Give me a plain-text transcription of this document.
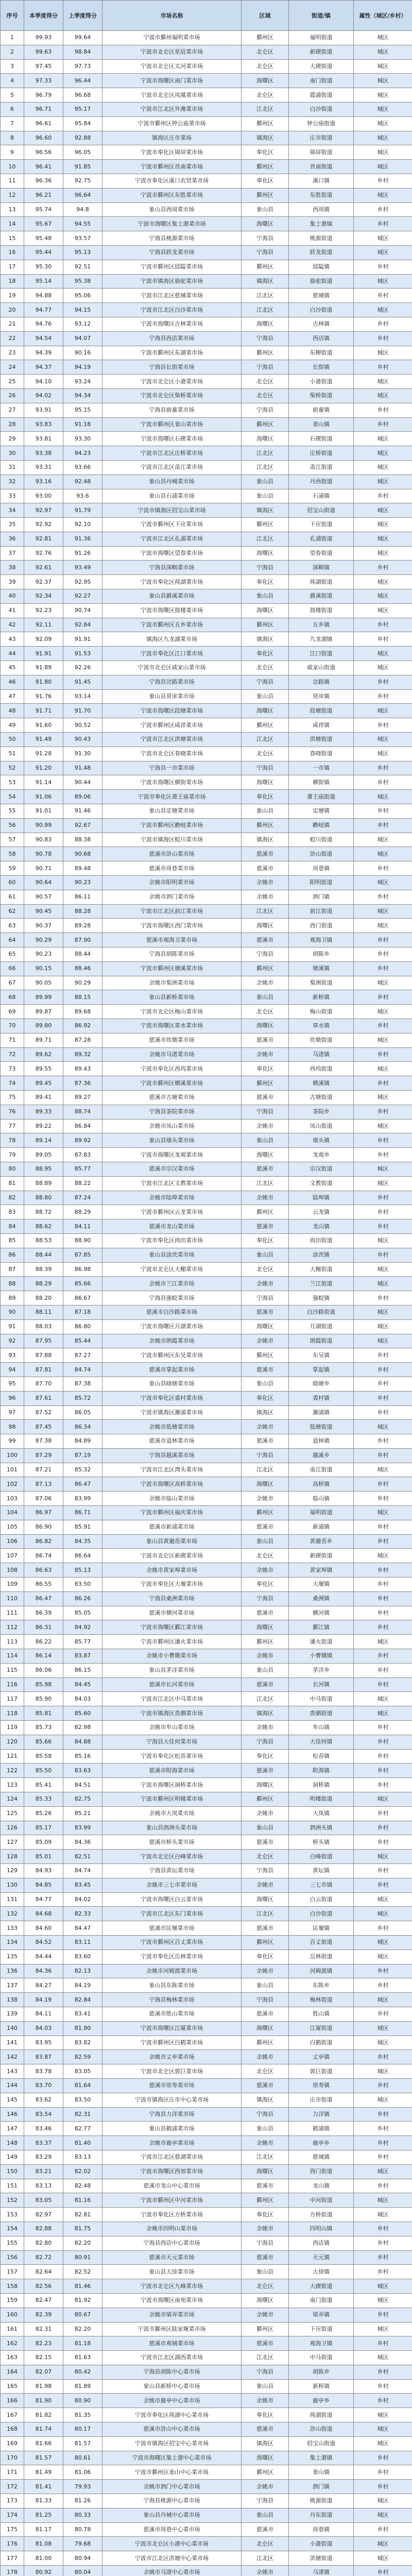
序号	本季度得分	上季度得分	市场名称	区域	街道/镇	属性（城区/乡村）
1	99.93	99.64	宁波市鄞州福明菜市场	鄞州区	福明街道	城区
2	99.63	98.84	宁波市北仑区星辰菜市场	北仑区	新碶街道	城区
3	97.45	97.73	宁波市北仑区太河菜市场	北仑区	大碶街道	城区
4	97.33	96.44	宁波市海曙区南门菜市场	海曙区	南门街道	城区
5	96.79	96.68	宁波市北仑区凤凰菜市场	北仑区	霞浦街道	城区
6	96.71	95.17	宁波市江北区外滩菜市场	江北区	白沙街道	城区
7	96.61	95.84	宁波市鄞州区钟公庙菜市场	鄞州区	钟公庙街道	城区
8	96.60	92.88	镇海区庄市菜场	镇海区	庄市街道	城区
9	96.56	96.05	宁波市奉化区锦屏菜市场	奉化区	锦屏街道	城区
10	96.41	91.85	宁波市鄞州区首南菜市场	鄞州区	首南街道	城区
11	96.36	92.75	宁波市奉化区溪口农贸菜市场	奉化区	溪口镇	乡村
12	96.21	96.64	宁波市鄞州区东胜菜市场	鄞州区	东胜街道	城区
13	95.74	94.8	象山县西周菜市场	象山县	西周镇	乡村
14	95.67	94.55	宁波市海曙区集士港菜市场	海曙区	集士港镇	乡村
15	95.48	93.57	宁海县桃源菜市场	宁海县	桃源街道	城区
16	95.44	95.13	宁海县跃龙菜市场	宁海县	跃龙街道	城区
17	95.30	92.51	宁波市鄞州区邱隘菜市场	鄞州区	邱隘镇	乡村
18	95.14	95.38	宁波市镇海区骆驼菜市场	镇海区	骆驼街道	城区
19	94.88	95.06	宁波市江北区慈城菜市场	江北区	慈城镇	乡村
20	94.77	94.15	宁波市江北区白沙菜市场	江北区	白沙街道	城区
21	94.76	93.12	宁波市海曙区古林菜市场	海曙区	古林镇	乡村
22	94.54	94.07	宁海县西店菜市场	宁海县	西店镇	乡村
23	94.39	90.16	宁波市鄞州区东湖菜市场	鄞州区	东柳街道	城区
24	94.37	94.19	宁海县长街菜市场	宁海县	长街镇	乡村
25	94.10	93.24	宁波市北仑区小港菜市场	北仑区	小港街道	城区
26	94.02	94.34	宁波市北仑区柴桥菜市场	北仑区	柴桥街道	城区
27	93.91	95.15	宁海县前童菜市场	宁海县	前童镇	乡村
28	93.83	91.18	宁波市鄞州区姜山菜市场	鄞州区	姜山镇	乡村
29	93.81	93.30	宁波市海曙区石碶菜市场	海曙区	石碶街道	城区
30	93.38	94.23	宁波市江北区庄桥菜市场	江北区	庄桥街道	城区
31	93.31	93.66	宁波市江北区甬江菜市场	江北区	甬江街道	城区
32	93.16	92.48	象山县丹城菜市场	象山县	丹西街道	城区
33	93.00	93.6	象山县石浦菜市场	象山县	石浦镇	乡村
34	92.97	91.79	宁波市镇海区招宝山菜市场	镇海区	招宝山街道	城区
35	92.92	92.10	宁波市鄞州区下应菜市场	鄞州区	下应街道	城区
36	92.81	91.36	宁波市江北区孔浦菜市场	江北区	孔浦街道	城区
37	92.76	91.26	宁波市海曙区望春菜市场	海曙区	望春街道	城区
38	92.61	93.49	宁海县深甽菜市场	宁海县	深甽镇	乡村
39	92.37	92.95	宁波市奉化区莼湖菜市场	奉化区	莼湖街道	城区
40	92.34	92.27	象山县爵溪菜市场	象山县	爵溪街道	城区
41	92.23	90.74	宁波市海曙区鼓楼菜市场	海曙区	鼓楼街道	城区
42	92.11	92.84	宁波市鄞州区五乡菜市场	鄞州区	五乡镇	乡村
43	92.09	91.91	镇海区九龙湖菜市场	镇海区	九龙湖镇	乡村
44	91.91	91.53	宁波市奉化区江口菜市场	奉化区	江口街道	城区
45	91.89	92.26	宁波市北仑区戚家山菜市场	北仑区	戚家山街道	城区
46	91.80	91.45	宁海县岔路菜市场	宁海县	岔路镇	乡村
47	91.76	93.14	象山县贤庠菜市场	象山县	贤庠镇	乡村
48	91.71	91.70	宁波市海曙区段塘菜市场	海曙区	段塘街道	城区
49	91.60	90.52	宁波市鄞州区咸祥菜市场	鄞州区	咸祥镇	乡村
50	91.49	90.43	宁波市江北区洪塘菜市场	江北区	洪塘街道	城区
51	91.28	91.30	宁波市北仑区春晓菜市场	北仑区	春晓街道	城区
52	91.20	91.48	宁海县一市菜市场	宁海县	一市镇	乡村
53	91.14	90.44	宁波市海曙区横街菜市场	海曙区	横街镇	乡村
54	91.06	89.06	宁波市奉化区萧王庙菜市场	奉化区	萧王庙街道	城区
55	91.01	91.46	象山县定塘菜市场	象山县	定塘镇	乡村
56	90.99	92.67	宁波市鄞州区瞻岐菜市场	鄞州区	瞻岐镇	乡村
57	90.83	88.38	宁波市镇海区蛟川菜市场	镇海区	蛟川街道	城区
58	90.78	90.68	慈溪市浒山菜市场	慈溪市	浒山街道	城区
59	90.71	89.48	慈溪市周巷菜市场	慈溪市	周巷镇	乡村
60	90.64	90.23	余姚市阳明菜市场	余姚市	阳明街道	城区
61	90.57	86.11	余姚市泗门菜市场	余姚市	泗门镇	乡村
62	90.45	88.28	宁波市江北区前江菜市场	江北区	前江街道	城区
63	90.37	89.28	宁波市海曙区西门菜市场	海曙区	西门街道	城区
64	90.29	87.90	慈溪市观海卫菜市场	慈溪市	观海卫镇	乡村
65	90.23	88.44	宁海县胡陈菜市场	宁海县	胡陈乡	乡村
66	90.15	88.46	宁波市鄞州区塘溪菜市场	鄞州区	塘溪镇	乡村
67	90.05	90.29	余姚市梨洲菜市场	余姚市	梨洲街道	城区
68	89.99	88.15	象山县新桥菜市场	象山县	新桥镇	乡村
69	89.87	89.68	宁波市北仑区梅山菜市场	北仑区	梅山街道	城区
70	89.80	86.92	宁波市海曙区章水菜市场	海曙区	章水镇	乡村
71	89.71	87.28	慈溪市坎墩菜市场	慈溪市	坎墩街道	城区
72	89.62	89.32	余姚市马渚菜市场	余姚市	马渚镇	乡村
73	89.55	89.43	宁波市奉化区西坞菜市场	奉化区	西坞街道	城区
74	89.45	87.36	宁波市鄞州区横溪菜市场	鄞州区	横溪镇	乡村
75	89.41	89.27	慈溪市古塘菜市场	慈溪市	古塘街道	城区
76	89.33	88.74	宁海县茶院菜市场	宁海县	茶院乡	乡村
77	89.22	86.84	余姚市凤山菜市场	余姚市	凤山街道	城区
78	89.14	89.92	象山县墙头菜市场	象山县	墙头镇	乡村
79	89.05	87.83	宁波市海曙区龙观菜市场	海曙区	龙观乡	乡村
80	88.95	85.77	慈溪市宗汉菜市场	慈溪市	宗汉街道	城区
81	88.89	88.22	宁波市江北区文教菜市场	江北区	文教街道	城区
82	88.80	87.24	余姚市陆埠菜市场	余姚市	陆埠镇	乡村
83	88.72	88.29	宁波市鄞州区云龙菜市场	鄞州区	云龙镇	乡村
84	88.62	84.11	慈溪市龙山菜市场	慈溪市	龙山镇	乡村
85	88.53	88.90	宁波市奉化区尚田菜市场	奉化区	尚田街道	城区
86	88.44	87.85	象山县涂茨菜市场	象山县	涂茨镇	乡村
87	88.39	86.98	宁波市北仑区大榭菜市场	北仑区	大榭街道	城区
88	88.29	85.66	余姚市兰江菜市场	余姚市	兰江街道	城区
89	88.20	86.67	宁海县强蛟菜市场	宁海县	强蛟镇	乡村
90	88.11	87.18	慈溪市白沙路菜市场	慈溪市	白沙路街道	城区
91	88.03	86.80	宁波市海曙区月湖菜市场	海曙区	月湖街道	城区
92	87.95	85.44	余姚市朗霞菜市场	余姚市	朗霞街道	城区
93	87.88	87.27	宁波市鄞州区东吴菜市场	鄞州区	东吴镇	乡村
94	87.81	84.74	慈溪市掌起菜市场	慈溪市	掌起镇	乡村
95	87.70	87.38	象山县晓塘菜市场	象山县	晓塘乡	乡村
96	87.61	85.72	宁波市奉化区裘村菜市场	奉化区	裘村镇	乡村
97	87.52	86.05	宁波市镇海区澥浦菜市场	镇海区	澥浦镇	乡村
98	87.45	86.34	余姚市低塘菜市场	余姚市	低塘街道	城区
99	87.38	84.89	慈溪市逍林菜市场	慈溪市	逍林镇	乡村
100	87.29	87.19	宁海县越溪菜市场	宁海县	越溪乡	乡村
101	87.21	85.32	宁波市江北区湾头菜市场	江北区	甬江街道	城区
102	87.13	86.47	宁波市海曙区高桥菜市场	海曙区	高桥镇	乡村
103	87.06	83.99	余姚市临山菜市场	余姚市	临山镇	乡村
104	86.97	86.71	宁波市鄞州区福庆菜市场	鄞州区	福明街道	城区
105	86.90	85.91	慈溪市新浦菜市场	慈溪市	新浦镇	乡村
106	86.82	84.35	象山县黄避岙菜市场	象山县	黄避岙乡	乡村
107	86.74	86.64	宁波市北仑区新碶菜市场	北仑区	新碶街道	城区
108	86.63	85.13	余姚市黄家埠菜市场	余姚市	黄家埠镇	乡村
109	86.55	83.50	宁波市奉化区大堰菜市场	奉化区	大堰镇	乡村
110	86.47	86.26	宁海县桑洲菜市场	宁海县	桑洲镇	乡村
111	86.39	85.05	慈溪市横河菜市场	慈溪市	横河镇	乡村
112	86.31	84.92	宁波市海曙区鄞江菜市场	海曙区	鄞江镇	乡村
113	86.22	85.77	宁波市鄞州区潘火菜市场	鄞州区	潘火街道	城区
114	86.14	83.87	余姚市小曹娥菜市场	余姚市	小曹娥镇	乡村
115	86.06	86.15	象山县茅洋菜市场	象山县	茅洋乡	乡村
116	85.98	84.45	慈溪市长河菜市场	慈溪市	长河镇	乡村
117	85.90	84.03	宁波市江北区中马菜市场	江北区	中马街道	城区
118	85.81	85.60	宁波市镇海区贵驷菜市场	镇海区	贵驷街道	城区
119	85.73	82.98	余姚市牟山菜市场	余姚市	牟山镇	乡村
120	85.66	84.88	宁海县大佳何菜市场	宁海县	大佳何镇	乡村
121	85.58	85.16	宁波市奉化区松岙菜市场	奉化区	松岙镇	乡村
122	85.50	83.63	慈溪市附海菜市场	慈溪市	附海镇	乡村
123	85.41	84.51	宁波市海曙区洞桥菜市场	海曙区	洞桥镇	乡村
124	85.33	82.75	宁波市鄞州区明楼菜市场	鄞州区	明楼街道	城区
125	85.26	85.21	余姚市大岚菜市场	余姚市	大岚镇	乡村
126	85.17	83.99	象山县泗洲头菜市场	象山县	泗洲头镇	乡村
127	85.09	84.36	慈溪市桥头菜市场	慈溪市	桥头镇	乡村
128	85.01	82.51	宁波市北仑区白峰菜市场	北仑区	白峰街道	城区
129	84.93	84.74	宁海县黄坛菜市场	宁海县	黄坛镇	乡村
130	84.85	83.45	余姚市三七市菜市场	余姚市	三七市镇	乡村
131	84.77	84.02	宁波市海曙区白云菜市场	海曙区	白云街道	城区
132	84.68	82.33	宁波市江北区东门菜市场	江北区	白沙街道	城区
133	84.60	84.47	慈溪市匡堰菜市场	慈溪市	匡堰镇	乡村
134	84.52	83.11	宁波市鄞州区百丈菜市场	鄞州区	百丈街道	城区
135	84.44	83.60	宁波市奉化区岳林菜市场	奉化区	岳林街道	城区
136	84.36	82.13	余姚市河姆渡菜市场	余姚市	河姆渡镇	乡村
137	84.27	84.19	象山县东陈菜市场	象山县	东陈乡	乡村
138	84.19	82.84	宁海县梅林菜市场	宁海县	梅林街道	城区
139	84.11	83.41	慈溪市胜山菜市场	慈溪市	胜山镇	乡村
140	84.03	81.90	宁波市海曙区江厦菜市场	海曙区	江厦街道	城区
141	83.95	83.82	宁波市鄞州区白鹤菜市场	鄞州区	白鹤街道	城区
142	83.87	82.59	余姚市丈亭菜市场	余姚市	丈亭镇	乡村
143	83.78	83.05	宁波市北仑区郭巨菜市场	北仑区	郭巨街道	城区
144	83.70	81.64	慈溪市崇寿菜市场	慈溪市	崇寿镇	乡村
145	83.62	83.50	宁波市镇海区庄市中心菜市场	镇海区	庄市街道	城区
146	83.54	82.31	宁海县力洋菜市场	宁海县	力洋镇	乡村
147	83.46	82.77	象山县鹤浦菜市场	象山县	鹤浦镇	乡村
148	83.37	81.40	余姚市鹿亭菜市场	余姚市	鹿亭乡	乡村
149	83.29	83.13	宁波市江北区慈湖菜市场	江北区	慈城镇	乡村
150	83.21	82.02	宁波市海曙区西郊菜市场	海曙区	西门街道	城区
151	83.13	82.48	慈溪市龙山中心菜市场	慈溪市	龙山镇	乡村
152	83.05	81.16	宁波市鄞州区中河菜市场	鄞州区	中河街道	城区
153	82.97	82.81	宁波市奉化区方桥菜市场	奉化区	方桥街道	城区
154	82.88	81.75	余姚市四明山菜市场	余姚市	四明山镇	乡村
155	82.80	82.20	宁海县西店中心菜市场	宁海县	西店镇	乡村
156	82.72	80.91	慈溪市天元菜市场	慈溪市	天元镇	乡村
157	82.64	82.52	象山县大徐菜市场	象山县	大徐镇	乡村
158	82.56	81.46	宁波市北仑区九峰菜市场	北仑区	大碶街道	城区
159	82.47	81.92	宁波市海曙区南苑菜市场	海曙区	南门街道	城区
160	82.39	80.67	余姚市梁弄菜市场	余姚市	梁弄镇	乡村
161	82.31	82.20	宁波市鄞州区陆家堰菜市场	鄞州区	下应街道	城区
162	82.23	81.18	慈溪市观城菜市场	慈溪市	观海卫镇	乡村
163	82.15	81.63	宁波市江北区湖西菜市场	江北区	中马街道	城区
164	82.07	80.42	宁海县胡陈中心菜市场	宁海县	胡陈乡	乡村
165	81.98	81.89	象山县新桥中心菜市场	象山县	新桥镇	乡村
166	81.90	80.90	余姚市鹿亭中心菜市场	余姚市	鹿亭乡	乡村
167	81.82	81.35	宁波市奉化区莼湖中心菜市场	奉化区	莼湖街道	城区
168	81.74	80.17	慈溪市浒山中心菜市场	慈溪市	浒山街道	城区
169	81.66	81.57	宁波市镇海区招宝中心菜市场	镇海区	招宝山街道	城区
170	81.57	80.61	宁波市海曙区集士港中心菜市场	海曙区	集士港镇	乡村
171	81.49	81.06	宁波市鄞州区姜山中心菜市场	鄞州区	姜山镇	乡村
172	81.41	79.93	余姚市泗门中心菜市场	余姚市	泗门镇	乡村
173	81.33	81.26	宁海县桃源中心菜市场	宁海县	桃源街道	城区
174	81.25	80.33	象山县丹城中心菜市场	象山县	丹东街道	城区
175	81.17	80.78	慈溪市周巷中心菜市场	慈溪市	周巷镇	乡村
176	81.08	79.68	宁波市北仑区小港中心菜市场	北仑区	小港街道	城区
177	81.00	80.94	宁波市江北区洪塘中心菜市场	江北区	洪塘街道	城区
178	80.92	80.04	余姚市马渚中心菜市场	余姚市	马渚镇	乡村
